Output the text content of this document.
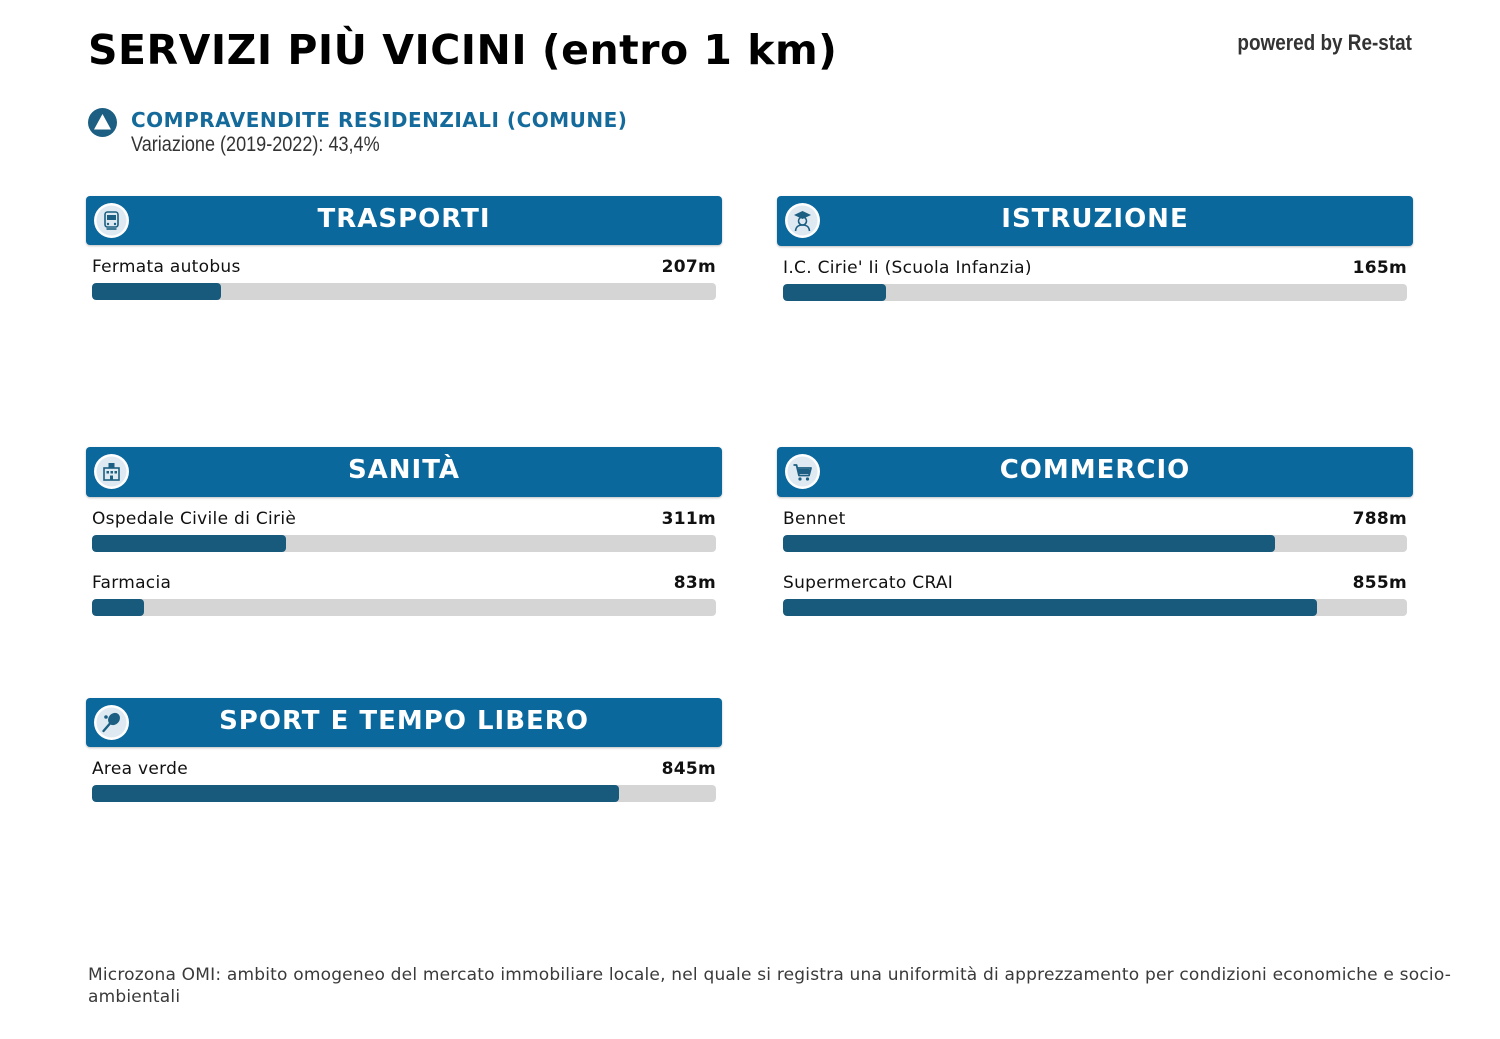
SERVIZI PIÙ VICINI (entro 1 km)	powered by Re-stat
COMPRAVENDITE RESIDENZIALI (COMUNE)
Variazione (2019-2022): 43,4%
TRASPORTI
Fermata autobus	207m
ISTRUZIONE
I.C. Cirie' Ii (Scuola Infanzia)	165m
SANITÀ
Ospedale Civile di Ciriè	311m
Farmacia	83m
COMMERCIO
Bennet	788m
Supermercato CRAI	855m
SPORT E TEMPO LIBERO
Area verde	845m

Microzona OMI: ambito omogeneo del mercato immobiliare locale, nel quale si registra una uniformità di apprezzamento per condizioni economiche e socio-ambientali
